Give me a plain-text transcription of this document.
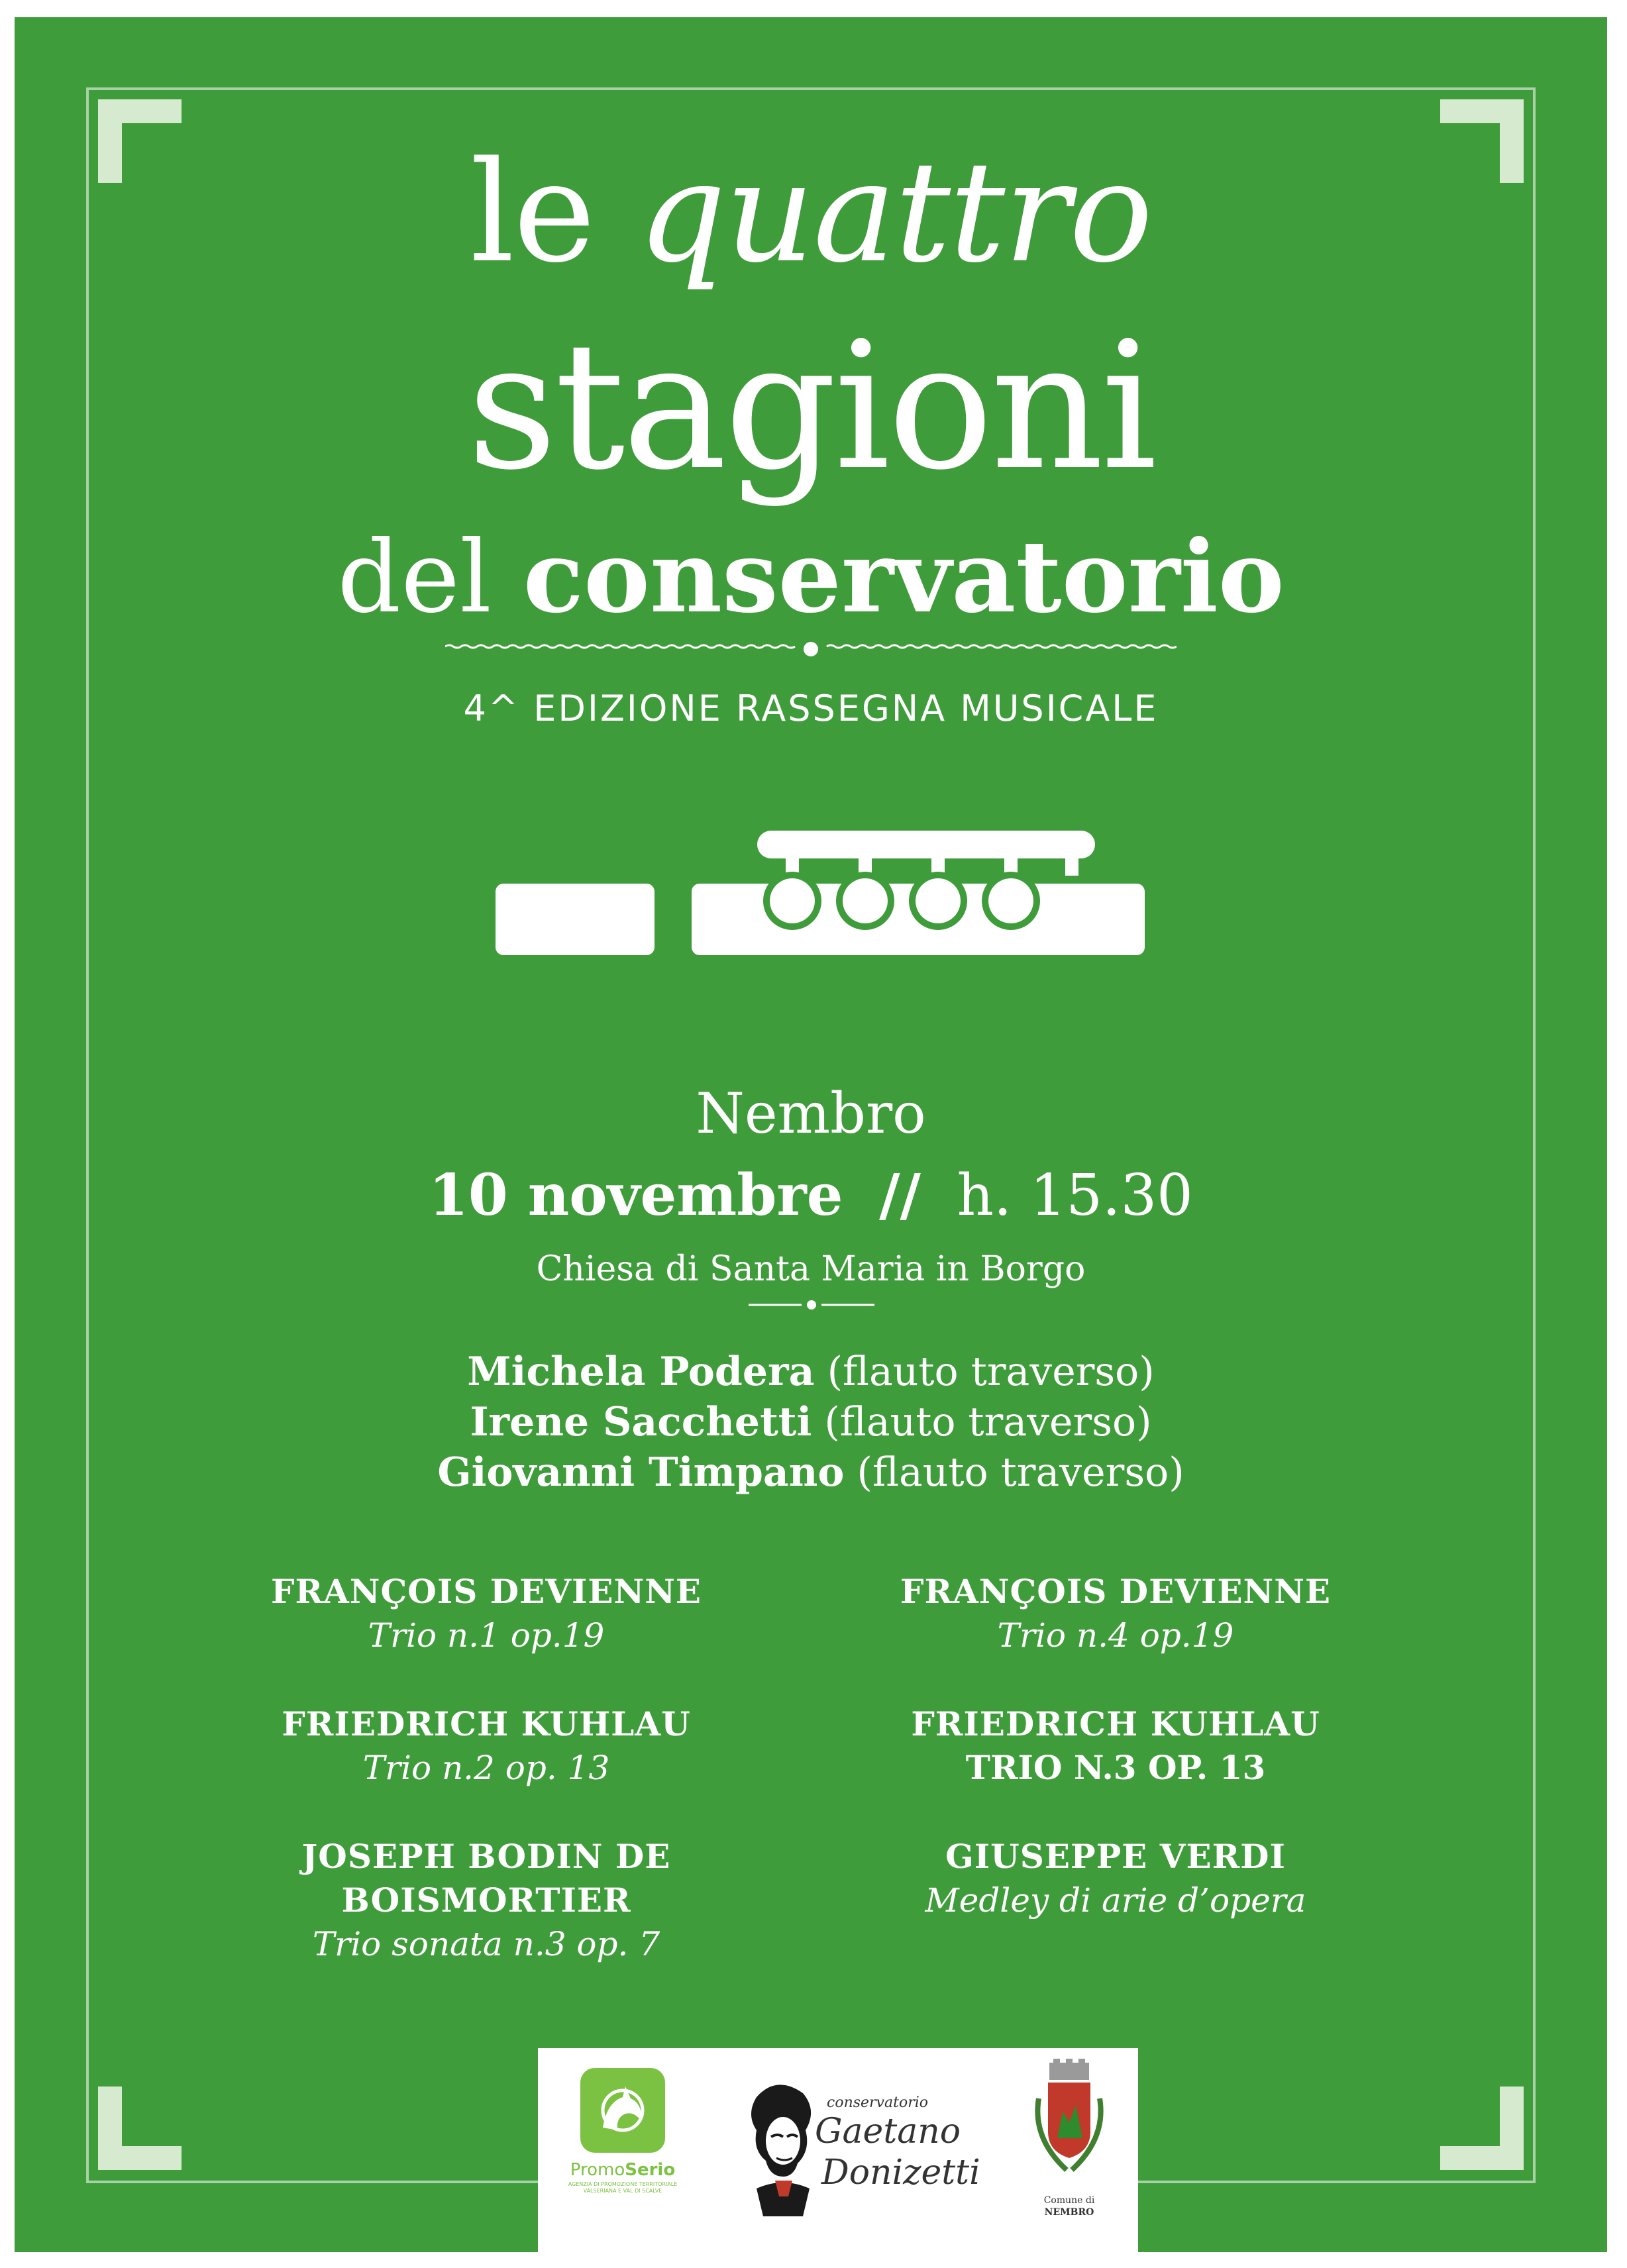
le quattro
stagioni
del conservatorio
4^ EDIZIONE RASSEGNA MUSICALE
Nembro
10 novembre // h. 15.30
Chiesa di Santa Maria in Borgo
Michela Podera (flauto traverso)
Irene Sacchetti (flauto traverso)
Giovanni Timpano (flauto traverso)
FRANÇOIS DEVIENNE
Trio n.1 op.19
FRIEDRICH KUHLAU
Trio n.2 op. 13
JOSEPH BODIN DE BOISMORTIER
Trio sonata n.3 op. 7
FRANÇOIS DEVIENNE
Trio n.4 op.19
FRIEDRICH KUHLAU
TRIO N.3 OP. 13
GIUSEPPE VERDI
Medley di arie d’opera
PromoSerio
AGENZIA DI PROMOZIONE TERRITORIALE VALSERIANA E VAL DI SCALVE
conservatorio
Gaetano
Donizetti
Comune di
NEMBRO
